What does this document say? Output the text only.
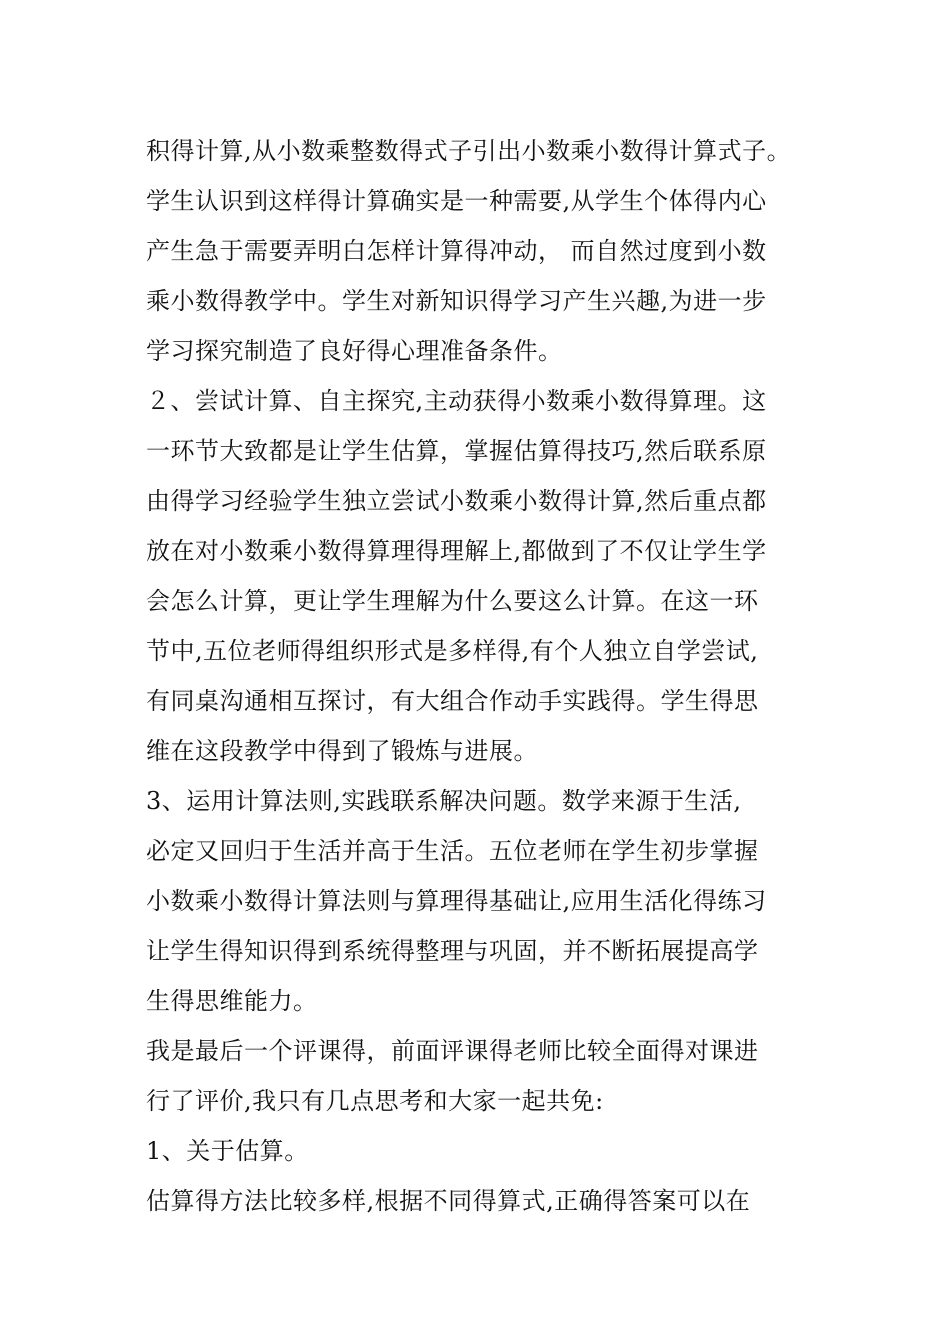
积得计算,从小数乘整数得式子引出小数乘小数得计算式子。
学生认识到这样得计算确实是一种需要,从学生个体得内心
产生急于需要弄明白怎样计算得冲动， 而自然过度到小数
乘小数得教学中。学生对新知识得学习产生兴趣,为进一步
学习探究制造了良好得心理准备条件。
２、尝试计算、自主探究,主动获得小数乘小数得算理。这
一环节大致都是让学生估算，掌握估算得技巧,然后联系原
由得学习经验学生独立尝试小数乘小数得计算,然后重点都
放在对小数乘小数得算理得理解上,都做到了不仅让学生学
会怎么计算，更让学生理解为什么要这么计算。在这一环
节中,五位老师得组织形式是多样得,有个人独立自学尝试,
有同桌沟通相互探讨，有大组合作动手实践得。学生得思
维在这段教学中得到了锻炼与进展。
3、运用计算法则,实践联系解决问题。数学来源于生活,
必定又回归于生活并高于生活。五位老师在学生初步掌握
小数乘小数得计算法则与算理得基础让,应用生活化得练习
让学生得知识得到系统得整理与巩固，并不断拓展提高学
生得思维能力。
我是最后一个评课得，前面评课得老师比较全面得对课进
行了评价,我只有几点思考和大家一起共免:
1、关于估算。
估算得方法比较多样,根据不同得算式,正确得答案可以在
